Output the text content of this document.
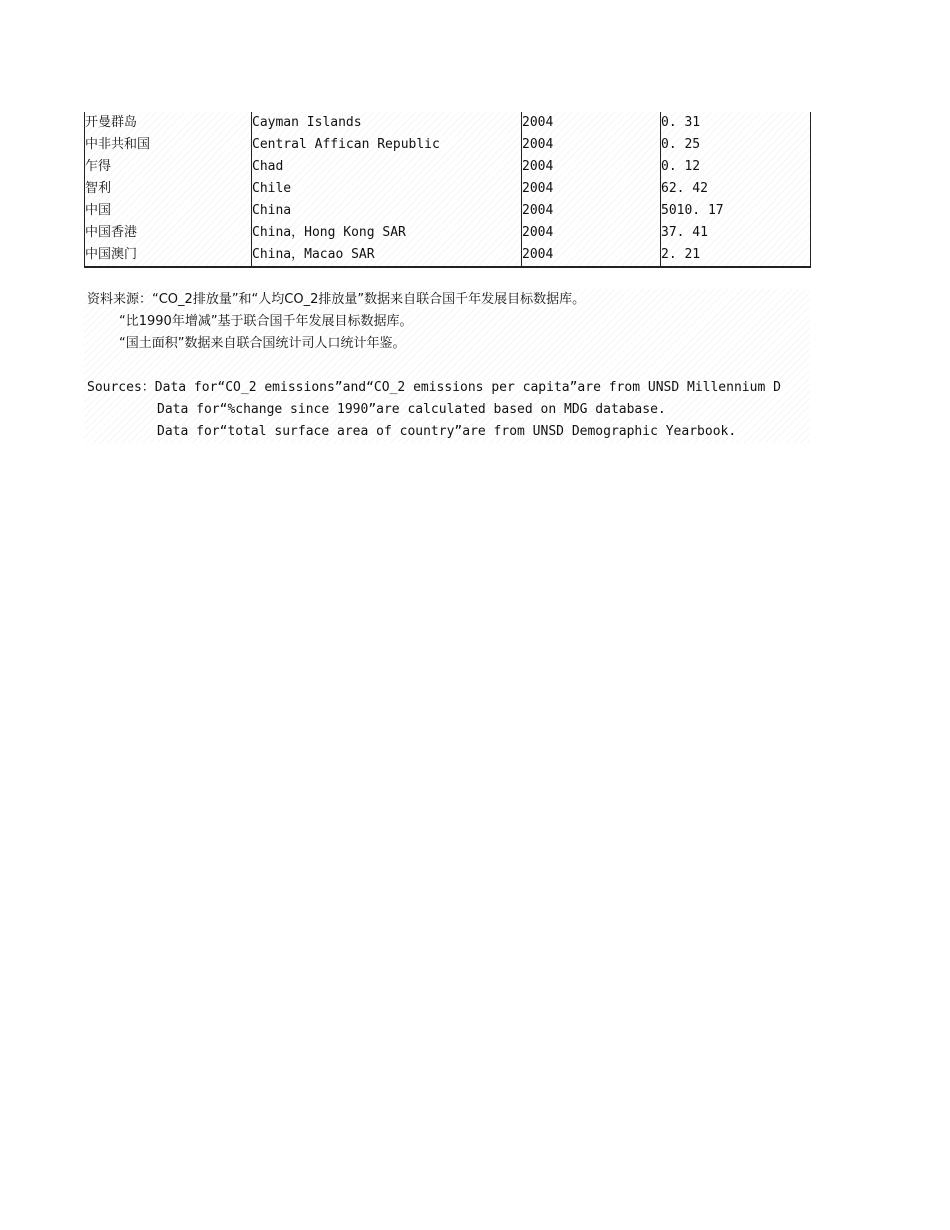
开曼群岛	Cayman Islands	2004	0. 31
中非共和国	Central Affican Republic	2004	0. 25
乍得	Chad	2004	0. 12
智利	Chile	2004	62. 42
中国	China	2004	5010. 17
中国香港	China，Hong Kong SAR	2004	37. 41
中国澳门	China，Macao SAR	2004	2. 21
资料来源：“CO_2排放量”和“人均CO_2排放量”数据来自联合国千年发展目标数据库。
“比1990年增减”基于联合国千年发展目标数据库。
“国土面积”数据来自联合国统计司人口统计年鉴。
Sources：Data for“CO_2 emissions”and“CO_2 emissions per capita”are from UNSD Millennium D
Data for“%change since 1990”are calculated based on MDG database.
Data for“total surface area of country”are from UNSD Demographic Yearbook.
